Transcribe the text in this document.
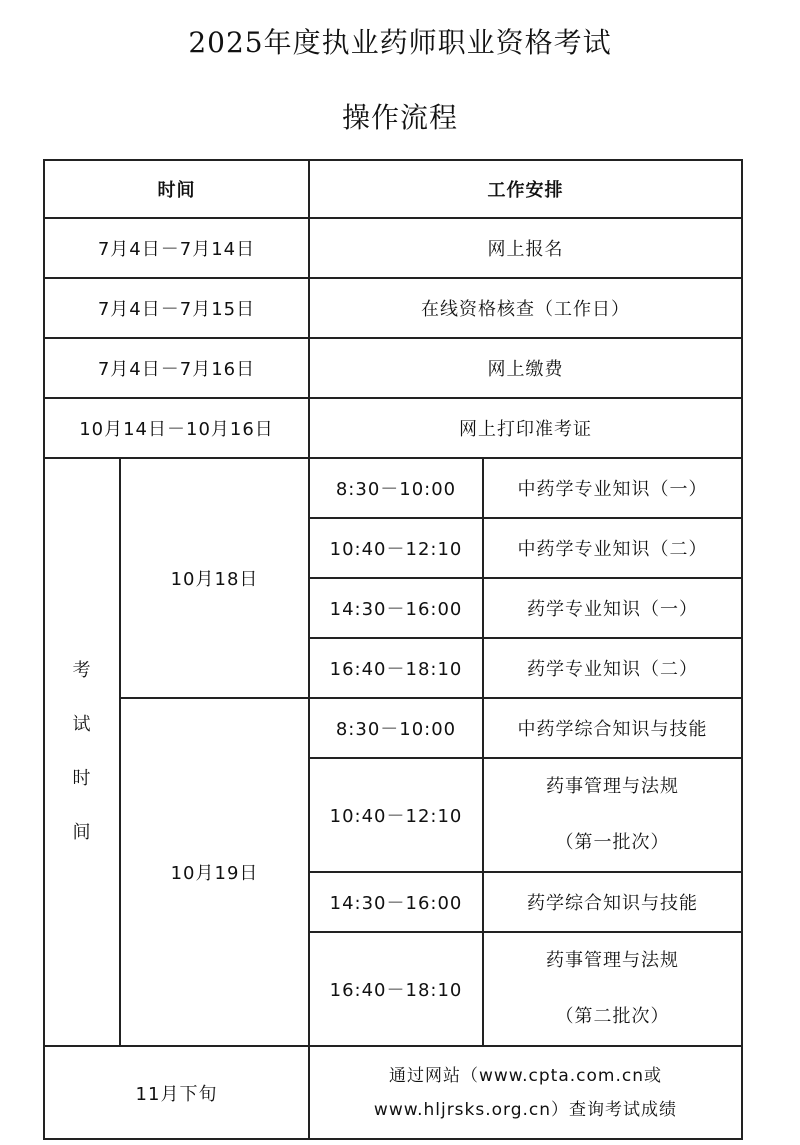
2025年度执业药师职业资格考试
操作流程
时间		工作安排	
7月4日－7月14日		网上报名	
7月4日－7月15日		在线资格核查（工作日）	
7月4日－7月16日		网上缴费	
10月14日－10月16日		网上打印准考证	

考
试
时
间	10月18日	8:30－10:00	中药学专业知识（一）
		10:40－12:10	中药学专业知识（二）
		14:30－16:00	药学专业知识（一）
		16:40－18:10	药学专业知识（二）
	10月19日	8:30－10:00	中药学综合知识与技能
		10:40－12:10	药事管理与法规
（第一批次）

		14:30－16:00	药学综合知识与技能
		16:40－18:10	药事管理与法规
（第二批次）

11月下旬		通过网站（www.cpta.com.cn或
www.hljrsks.org.cn）查询考试成绩	
